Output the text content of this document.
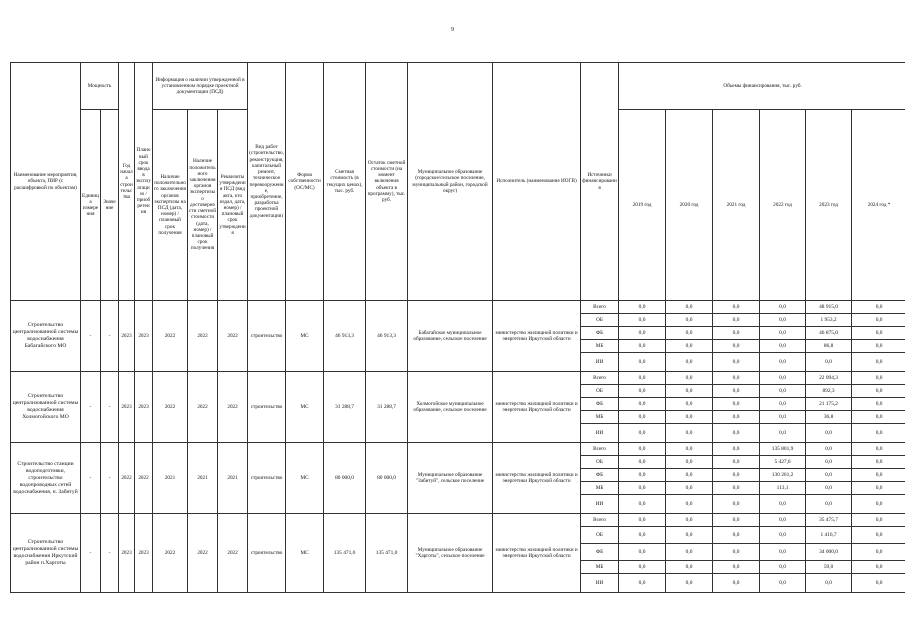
9
Наименование мероприятия, объекта, ПИР (с расшифровкой по объектам)	Мощность		Год начала строительства	Плановый срок ввода в эксплуатацию / приобретения	Информация о наличии утвержденной в установленном порядке проектной документации (ПСД)			Вид работ (строительство, реконструкция, капитальный ремонт, техническое перевооружение, приобретение, разработка проектной документации)	Форма собственности (ОС/МС)	Сметная стоимость (в текущих ценах), тыс. руб.	Остаток сметной стоимости (на момент включения объекта в программу), тыс. руб.	Муниципальное образование (городское/сельское поселение, муниципальный район, городской округ)	Исполнитель (наименование ИОГВ)	Источники финансирования	Объемы финансирования, тыс. руб.					
	Единица измерения	Значение			Наличие положительного заключения органов экспертизы на ПСД (дата, номер) / плановый срок получения	Наличие положительного заключения органов экспертизы о достоверности сметной стоимости (дата, номер) / плановый срок получения	Реквизиты утверждения ПСД (вид акта, кто издал, дата, номер) / плановый срок утверждения								2019 год	2020 год	2021 год	2022 год	2023 год	2024 год *
Строительство централизованной системы водоснабжения Бабагайского МО	-	-	2023	2023	2022	2022	2022	строительство	МС	46 913,3	46 913,3	Бабагайское муниципальное образование, сельское поселение	министерство жилищной политики и энергетики Иркутской области	Всего	0,0	0,0	0,0	0,0	48 915,0	0,0
														ОБ	0,0	0,0	0,0	0,0	1 953,2	0,0
														ФБ	0,0	0,0	0,0	0,0	46 875,0	0,0
														МБ	0,0	0,0	0,0	0,0	86,8	0,0
														ИИ	0,0	0,0	0,0	0,0	0,0	0,0
Строительство централизованной системы водоснабжения Холмогойского МО	-	-	2023	2023	2022	2022	2022	строительство	МС	31 288,7	31 288,7	Холмогойское муниципальное образование, сельское поселение	министерство жилищной политики и энергетики Иркутской области	Всего	0,0	0,0	0,0	0,0	22 094,3	0,0
														ОБ	0,0	0,0	0,0	0,0	892,3	0,0
														ФБ	0,0	0,0	0,0	0,0	21 175,2	0,0
														МБ	0,0	0,0	0,0	0,0	36,8	0,0
														ИИ	0,0	0,0	0,0	0,0	0,0	0,0
Строительство станции водоподготовки, строительство водопроводных сетей водоснабжения, п. Забитуй	-	-	2022	2022	2021	2021	2021	строительство	МС	80 000,0	80 000,0	Муниципальное образование "Забитуй", сельское поселение	министерство жилищной политики и энергетики Иркутской области	Всего	0,0	0,0	0,0	135 801,9	0,0	0,0
														ОБ	0,0	0,0	0,0	5 427,6	0,0	0,0
														ФБ	0,0	0,0	0,0	130 261,2	0,0	0,0
														МБ	0,0	0,0	0,0	113,1	0,0	0,0
														ИИ	0,0	0,0	0,0	0,0	0,0	0,0
Строительство централизованной системы водоснабжения Иркутский район п.Харготы	-	-	2023	2023	2022	2022	2022	строительство	МС	135 471,0	135 471,0	Муниципальное образование "Харготы", сельское поселение	министерство жилищной политики и энергетики Иркутской области	Всего	0,0	0,0	0,0	0,0	35 475,7	0,0
														ОБ	0,0	0,0	0,0	0,0	1 416,7	0,0
														ФБ	0,0	0,0	0,0	0,0	34 000,0	0,0
														МБ	0,0	0,0	0,0	0,0	59,0	0,0
														ИИ	0,0	0,0	0,0	0,0	0,0	0,0
